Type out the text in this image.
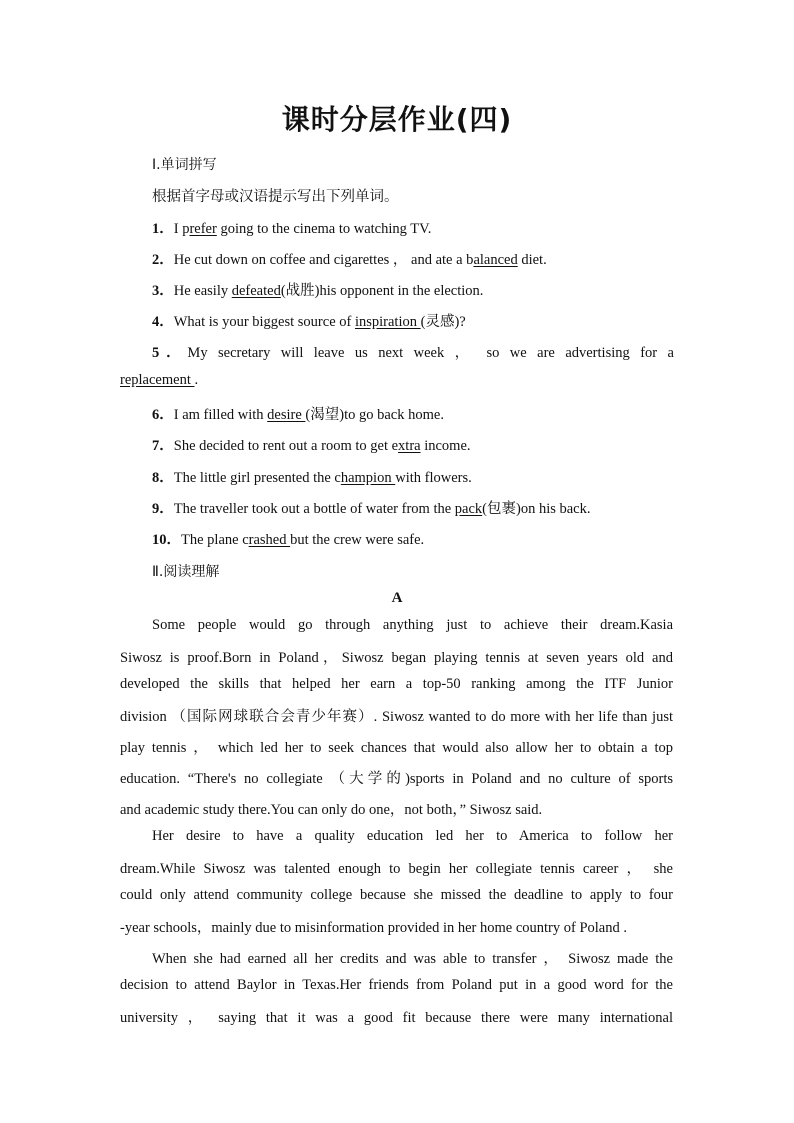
课时分层作业(四)
Ⅰ.单词拼写
根据首字母或汉语提示写出下列单词。
1．I prefer going to the cinema to watching TV.
2．He cut down on coffee and cigarettes ， and ate a balanced diet.
3．He easily defeated(战胜)his opponent in the election.
4．What is your biggest source of inspiration (灵感)?
5．My secretary will leave us next week ， so we are advertising for a
replacement .
6．I am filled with desire (渴望)to go back home.
7．She decided to rent out a room to get extra income.
8．The little girl presented the champion with flowers.
9．The traveller took out a bottle of water from the pack(包裹)on his back.
10．The plane crashed but the crew were safe.
Ⅱ.阅读理解
A
Some people would go through anything just to achieve their dream.Kasia
Siwosz is proof.Born in Poland，Siwosz began playing tennis at seven years old and
developed the skills that helped her earn a top-50 ranking among the ITF Junior
division （国际网球联合会青少年赛）. Siwosz wanted to do more with her life than just
play tennis ， which led her to seek chances that would also allow her to obtain a top
education. “There's no collegiate （大学的)sports in Poland and no culture of sports
and academic study there.You can only do one，not both，” Siwosz said.
Her desire to have a quality education led her to America to follow her
dream.While Siwosz was talented enough to begin her collegiate tennis career ， she
could only attend community college because she missed the deadline to apply to four
-year schools，mainly due to misinformation provided in her home country of Poland .
When she had earned all her credits and was able to transfer ， Siwosz made the
decision to attend Baylor in Texas.Her friends from Poland put in a good word for the
university ， saying that it was a good fit because there were many international
